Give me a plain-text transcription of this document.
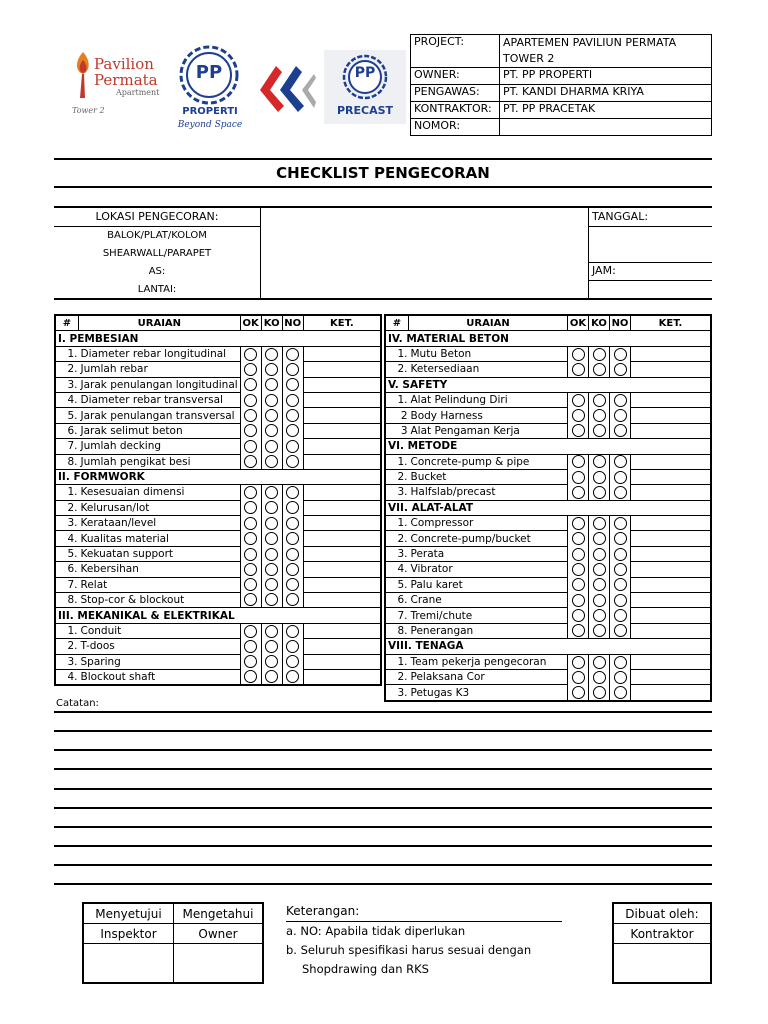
Pavilion
Permata
Apartment
Tower 2
PP
PROPERTI
Beyond Space
PP
PRECAST
PROJECT:	APARTEMEN PAVILIUN PERMATA
TOWER 2
OWNER:	PT. PP PROPERTI
PENGAWAS:	PT. KANDI DHARMA KRIYA
KONTRAKTOR:	PT. PP PRACETAK
NOMOR:	
CHECKLIST PENGECORAN
LOKASI PENGECORAN:
BALOK/PLAT/KOLOM
SHEARWALL/PARAPET
AS:
LANTAI:
TANGGAL:
JAM:
#	URAIAN	OK	KO	NO	KET.
I. PEMBESIAN					
1.	Diameter rebar longitudinal				
2.	Jumlah rebar				
3.	Jarak penulangan longitudinal				
4.	Diameter rebar transversal				
5.	Jarak penulangan transversal				
6.	Jarak selimut beton				
7.	Jumlah decking				
8.	Jumlah pengikat besi				
II. FORMWORK					
1.	Kesesuaian dimensi				
2.	Kelurusan/lot				
3.	Kerataan/level				
4.	Kualitas material				
5.	Kekuatan support				
6.	Kebersihan				
7.	Relat				
8.	Stop-cor & blockout				
III. MEKANIKAL & ELEKTRIKAL					
1.	Conduit				
2.	T-doos				
3.	Sparing				
4.	Blockout shaft				
#	URAIAN	OK	KO	NO	KET.
IV. MATERIAL BETON					
1.	Mutu Beton				
2.	Ketersediaan				
V. SAFETY					
1.	Alat Pelindung Diri				
2	Body Harness				
3	Alat Pengaman Kerja				
VI. METODE					
1.	Concrete-pump & pipe				
2.	Bucket				
3.	Halfslab/precast				
VII. ALAT-ALAT					
1.	Compressor				
2.	Concrete-pump/bucket				
3.	Perata				
4.	Vibrator				
5.	Palu karet				
6.	Crane				
7.	Tremi/chute				
8.	Penerangan				
VIII. TENAGA					
1.	Team pekerja pengecoran				
2.	Pelaksana Cor				
3.	Petugas K3				
Catatan:
Menyetujui	Mengetahui
Inspektor	Owner

Keterangan:
a. NO: Apabila tidak diperlukan
b. Seluruh spesifikasi harus sesuai dengan
Shopdrawing dan RKS
Dibuat oleh:
Kontraktor
